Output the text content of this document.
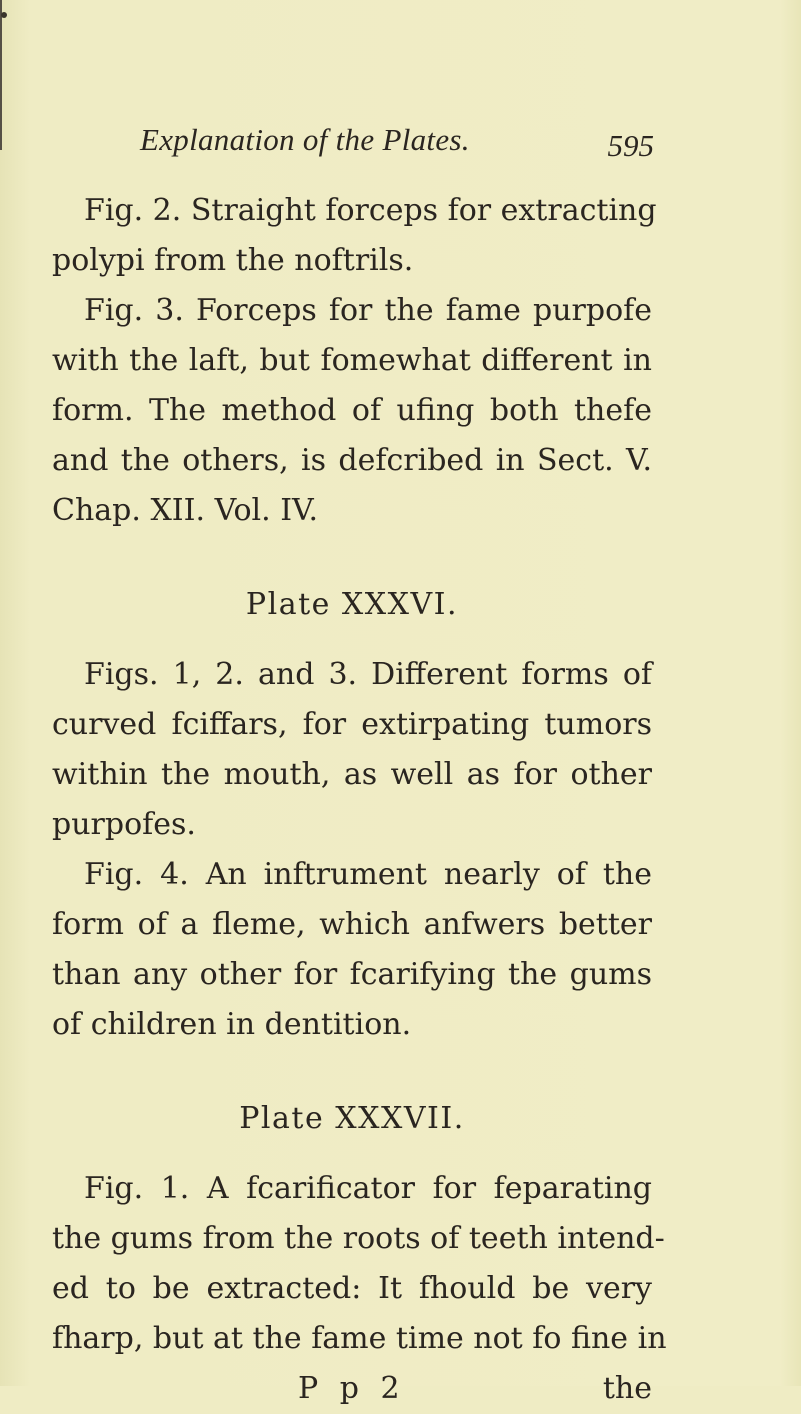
Explanation of the Plates.	595
Fig. 2. Straight forceps for extracting
polypi from the noftrils.
Fig. 3. Forceps for the fame purpofe
with the laft, but fomewhat different in
form. The method of ufing both thefe
and the others, is defcribed in Sect. V.
Chap. XII. Vol. IV.
Plate XXXVI.
Figs. 1, 2. and 3. Different forms of
curved fciffars, for extirpating tumors
within the mouth, as well as for other
purpofes.
Fig. 4. An inftrument nearly of the
form of a fleme, which anfwers better
than any other for fcarifying the gums
of children in dentition.
Plate XXXVII.
Fig. 1. A fcarificator for feparating
the gums from the roots of teeth intend-
ed to be extracted: It fhould be very
fharp, but at the fame time not fo fine in
P p 2	the
